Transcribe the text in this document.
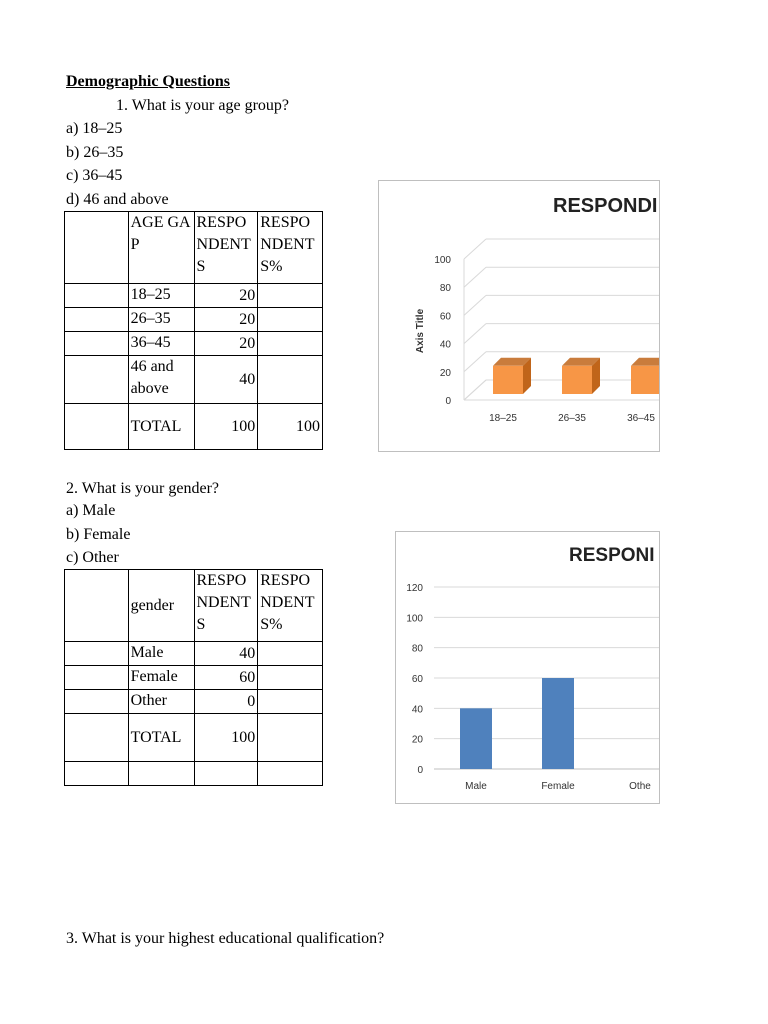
Demographic Questions
1. What is your age group?
a) 18–25
b) 26–35
c) 36–45
d) 46 and above
	AGE GAP	RESPONDENTS	RESPONDENTS%
	18–25	20	
	26–35	20	
	36–45	20	
	46 and above	40	
	TOTAL	100	100
RESPONDI
0
20
40
60
80
100
Axis Title
18–25	26–35	36–45
2. What is your gender?
a) Male
b) Female
c) Other
	gender	RESPONDENTS	RESPONDENTS%
	Male	40	
	Female	60	
	Other	0	
	TOTAL	100	

RESPONI
0
20
40
60
80
100
120
Male	Female	Othe
3. What is your highest educational qualification?
